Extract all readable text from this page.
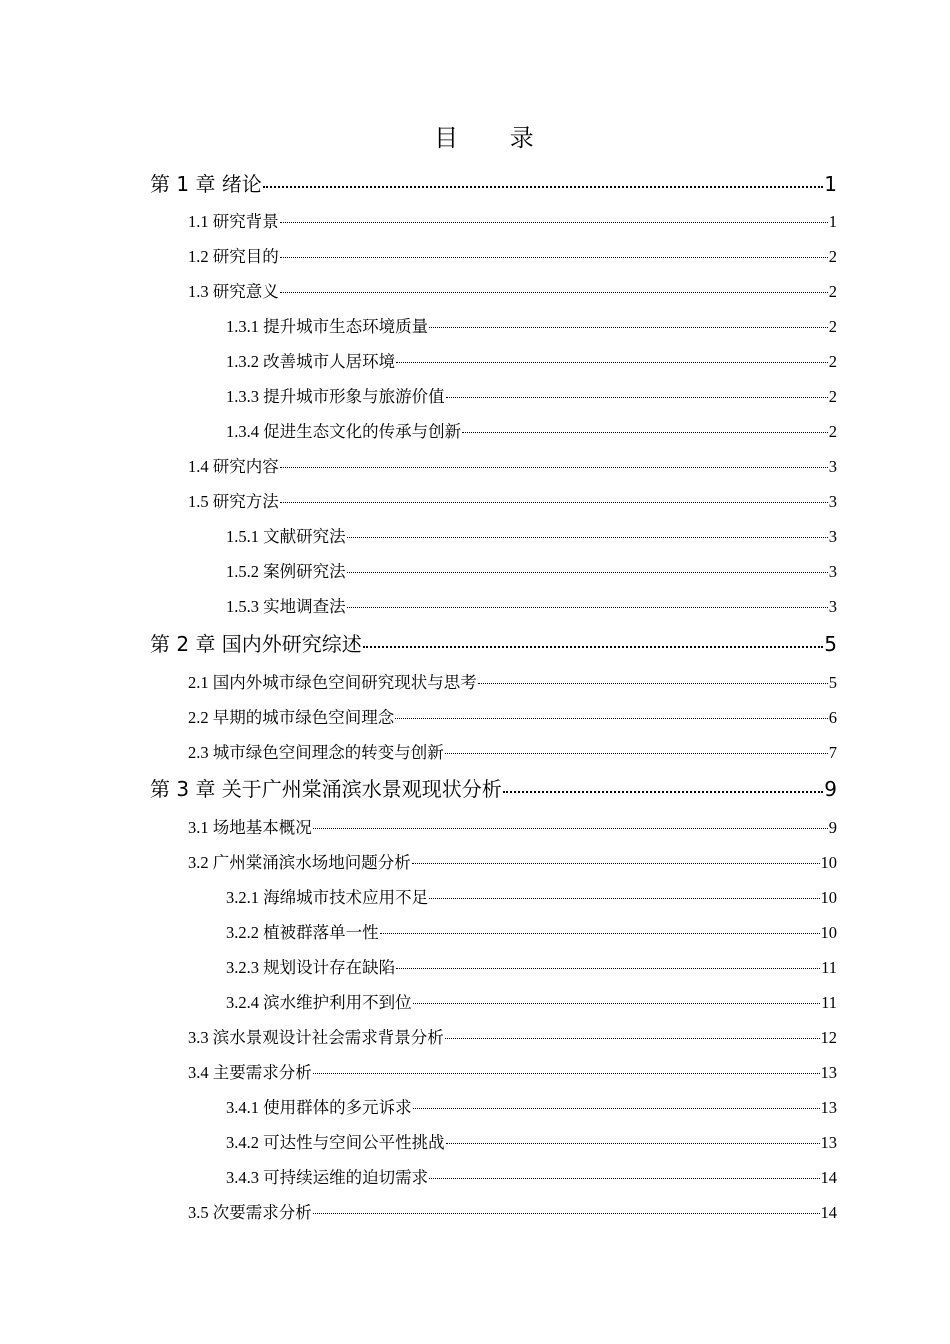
目 录
第 1 章 绪论	1
1.1 研究背景	1
1.2 研究目的	2
1.3 研究意义	2
1.3.1 提升城市生态环境质量	2
1.3.2 改善城市人居环境	2
1.3.3 提升城市形象与旅游价值	2
1.3.4 促进生态文化的传承与创新	2
1.4 研究内容	3
1.5 研究方法	3
1.5.1 文献研究法	3
1.5.2 案例研究法	3
1.5.3 实地调查法	3
第 2 章 国内外研究综述	5
2.1 国内外城市绿色空间研究现状与思考	5
2.2 早期的城市绿色空间理念	6
2.3 城市绿色空间理念的转变与创新	7
第 3 章 关于广州棠涌滨水景观现状分析	9
3.1 场地基本概况	9
3.2 广州棠涌滨水场地问题分析	10
3.2.1 海绵城市技术应用不足	10
3.2.2 植被群落单一性	10
3.2.3 规划设计存在缺陷	11
3.2.4 滨水维护利用不到位	11
3.3 滨水景观设计社会需求背景分析	12
3.4 主要需求分析	13
3.4.1 使用群体的多元诉求	13
3.4.2 可达性与空间公平性挑战	13
3.4.3 可持续运维的迫切需求	14
3.5 次要需求分析	14
